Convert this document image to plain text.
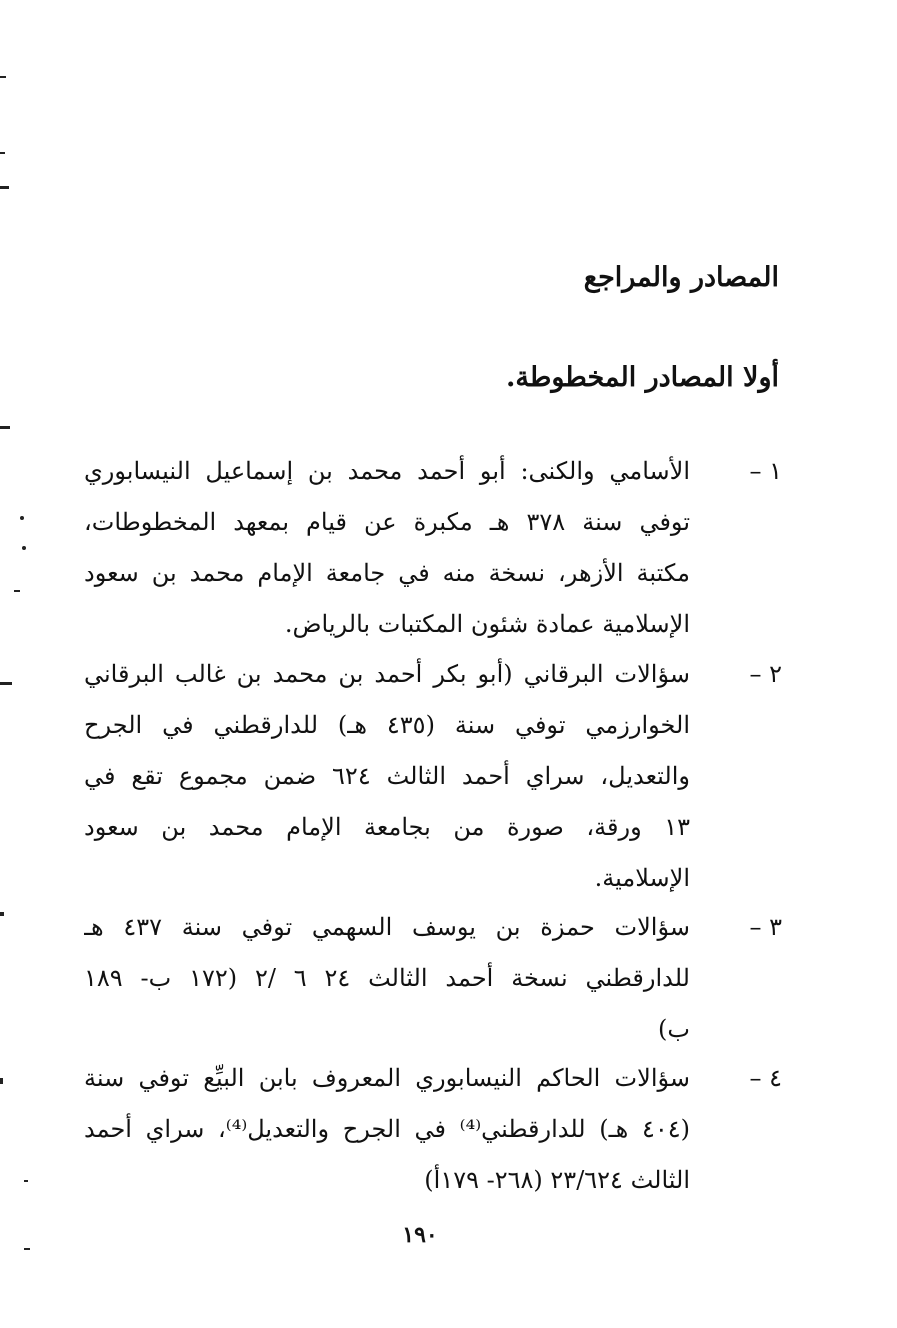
المصادر والمراجع
أولا المصادر المخطوطة.
١ –
الأسامي والكنى: أبو أحمد محمد بن إسماعيل النيسابوري
توفي سنة ٣٧٨ هـ مكبرة عن قيام بمعهد المخطوطات،
مكتبة الأزهر، نسخة منه في جامعة الإمام محمد بن سعود
الإسلامية عمادة شئون المكتبات بالرياض.
٢ –
سؤالات البرقاني (أبو بكر أحمد بن محمد بن غالب البرقاني
الخوارزمي توفي سنة (٤٣٥ هـ) للدارقطني في الجرح
والتعديل، سراي أحمد الثالث ٦٢٤ ضمن مجموع تقع في
١٣ ورقة، صورة من بجامعة الإمام محمد بن سعود
الإسلامية.
٣ –
سؤالات حمزة بن يوسف السهمي توفي سنة ٤٣٧ هـ
للدارقطني نسخة أحمد الثالث ٢٤ ٦ /٢ (١٧٢ ب- ١٨٩
ب)
٤ –
سؤالات الحاكم النيسابوري المعروف بابن البيِّع توفي سنة
(٤٠٤ هـ) للدارقطني⁽⁴⁾ في الجرح والتعديل⁽⁴⁾، سراي أحمد
الثالث ٢٣/٦٢٤ (٢٦٨- ١٧٩أ)
١٩٠
